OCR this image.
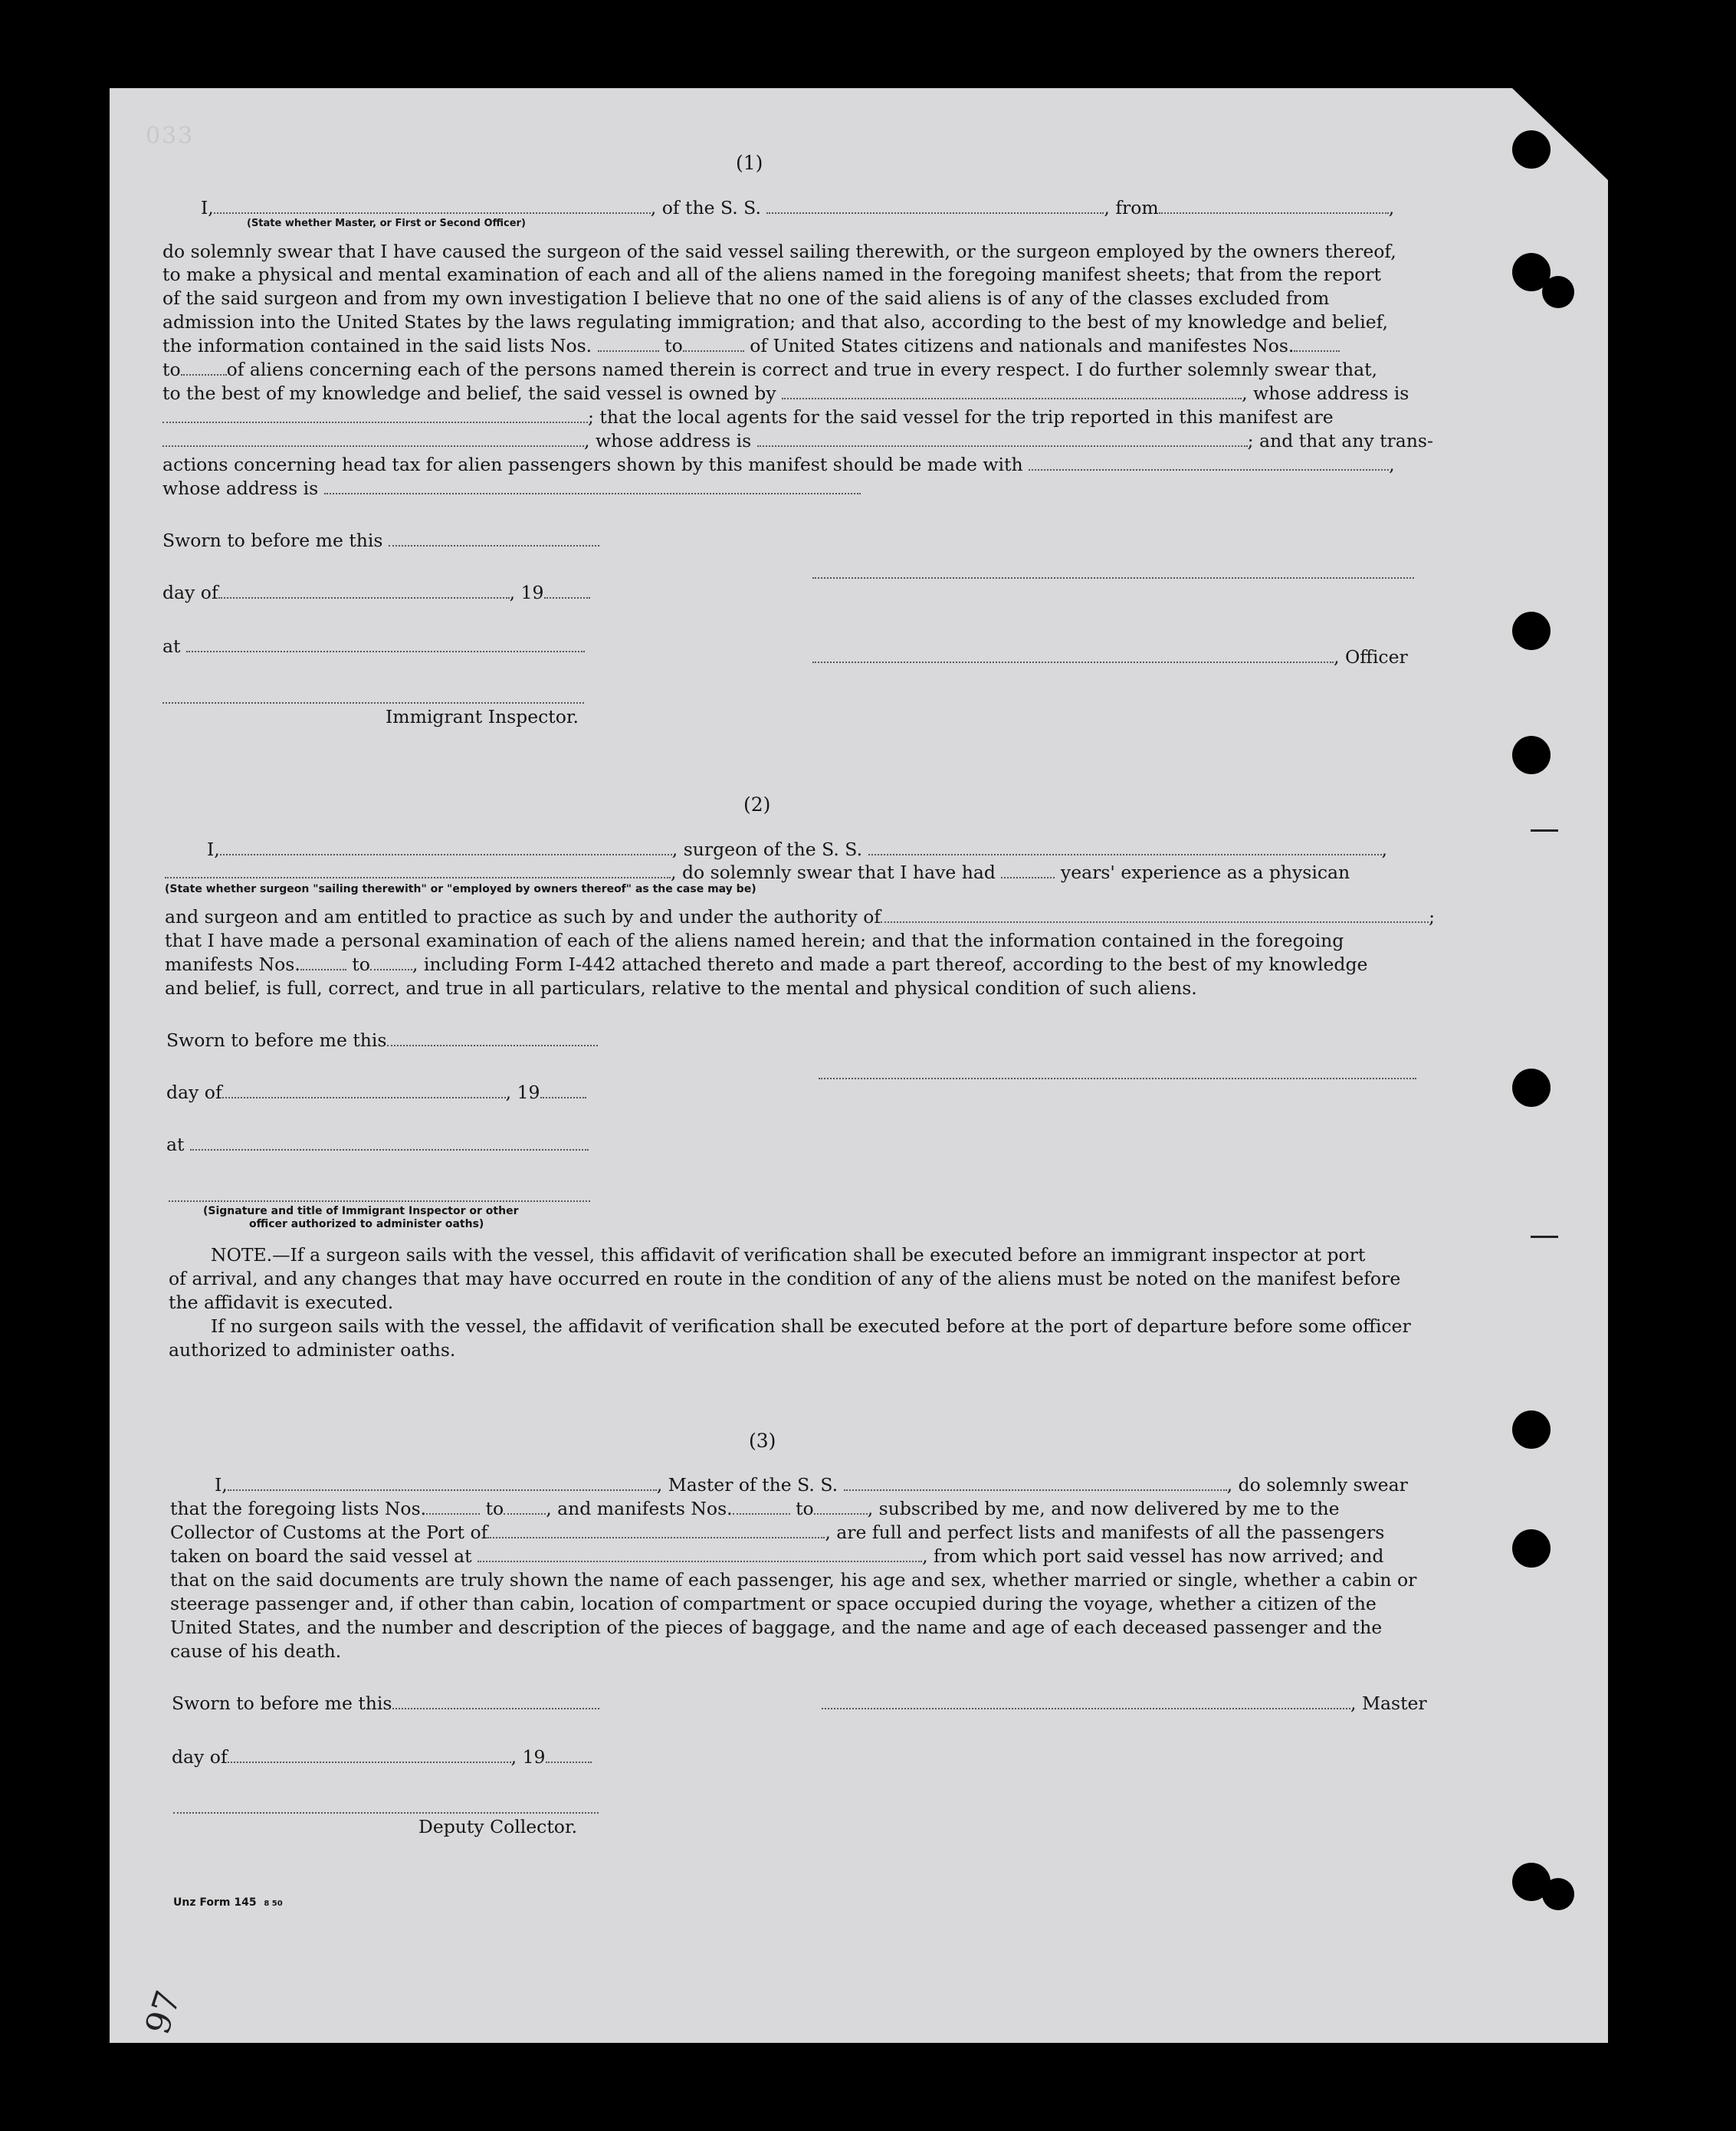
033
(1)
I,	, of the S. S.	, from	,
(State whether Master, or First or Second Officer)
do solemnly swear that I have caused the surgeon of the said vessel sailing therewith, or the surgeon employed by the owners thereof,
to make a physical and mental examination of each and all of the aliens named in the foregoing manifest sheets; that from the report
of the said surgeon and from my own investigation I believe that no one of the said aliens is of any of the classes excluded from
admission into the United States by the laws regulating immigration; and that also, according to the best of my knowledge and belief,
the information contained in the said lists Nos.	to	of United States citizens and nationals and manifestes Nos.
to	of aliens concerning each of the persons named therein is correct and true in every respect. I do further solemnly swear that,
to the best of my knowledge and belief, the said vessel is owned by	, whose address is
; that the local agents for the said vessel for the trip reported in this manifest are
, whose address is	; and that any trans-
actions concerning head tax for alien passengers shown by this manifest should be made with	,
whose address is
Sworn to before me this
day of	, 19
at	, Officer
Immigrant Inspector.
(2)
I,	, surgeon of the S. S.	,
, do solemnly swear that I have had	years' experience as a physican
(State whether surgeon "sailing therewith" or "employed by owners thereof" as the case may be)
and surgeon and am entitled to practice as such by and under the authority of	;
that I have made a personal examination of each of the aliens named herein; and that the information contained in the foregoing
manifests Nos.	to , including Form I-442 attached thereto and made a part thereof, according to the best of my knowledge
and belief, is full, correct, and true in all particulars, relative to the mental and physical condition of such aliens.
Sworn to before me this
day of	, 19
at
(Signature and title of Immigrant Inspector or other
officer authorized to administer oaths)
NOTE.—If a surgeon sails with the vessel, this affidavit of verification shall be executed before an immigrant inspector at port
of arrival, and any changes that may have occurred en route in the condition of any of the aliens must be noted on the manifest before
the affidavit is executed.
If no surgeon sails with the vessel, the affidavit of verification shall be executed before at the port of departure before some officer
authorized to administer oaths.
(3)
I,	, Master of the S. S.	, do solemnly swear
that the foregoing lists Nos.	to , and manifests Nos.	to	, subscribed by me, and now delivered by me to the
Collector of Customs at the Port of	, are full and perfect lists and manifests of all the passengers
taken on board the said vessel at	, from which port said vessel has now arrived; and
that on the said documents are truly shown the name of each passenger, his age and sex, whether married or single, whether a cabin or
steerage passenger and, if other than cabin, location of compartment or space occupied during the voyage, whether a citizen of the
United States, and the number and description of the pieces of baggage, and the name and age of each deceased passenger and the
cause of his death.
Sworn to before me this	, Master
day of	, 19
Deputy Collector.
Unz Form 145 8 50
97
